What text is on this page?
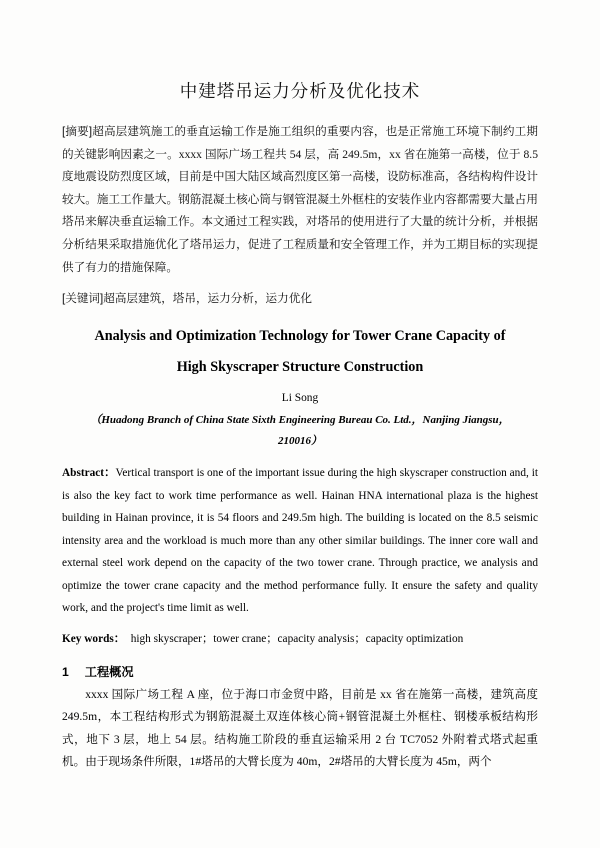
中建塔吊运力分析及优化技术

[摘要]超高层建筑施工的垂直运输工作是施工组织的重要内容，也是正常施工环境下制约工期的关键影响因素之一。xxxx 国际广场工程共 54 层，高 249.5m，xx 省在施第一高楼，位于 8.5 度地震设防烈度区域，目前是中国大陆区域高烈度区第一高楼，设防标准高，各结构构件设计较大。施工工作量大。钢筋混凝土核心筒与钢管混凝土外框柱的安装作业内容都需要大量占用塔吊来解决垂直运输工作。本文通过工程实践，对塔吊的使用进行了大量的统计分析，并根据分析结果采取措施优化了塔吊运力，促进了工程质量和安全管理工作，并为工期目标的实现提供了有力的措施保障。

[关键词]超高层建筑，塔吊，运力分析，运力优化

Analysis and Optimization Technology for Tower Crane Capacity of
High Skyscraper Structure Construction
Li Song
（Huadong Branch of China State Sixth Engineering Bureau Co. Ltd.，Nanjing Jiangsu，
210016）

Abstract：Vertical transport is one of the important issue during the high skyscraper construction and, it is also the key fact to work time performance as well. Hainan HNA international plaza is the highest building in Hainan province, it is 54 floors and 249.5m high. The building is located on the 8.5 seismic intensity area and the workload is much more than any other similar buildings. The inner core wall and external steel work depend on the capacity of the two tower crane. Through practice, we analysis and optimize the tower crane capacity and the method performance fully. It ensure the safety and quality work, and the project's time limit as well.

Key words： high skyscraper；tower crane；capacity analysis；capacity optimization

1 工程概况

xxxx 国际广场工程 A 座，位于海口市金贸中路，目前是 xx 省在施第一高楼，建筑高度 249.5m，本工程结构形式为钢筋混凝土双连体核心筒+钢管混凝土外框柱、钢楼承板结构形式，地下 3 层，地上 54 层。结构施工阶段的垂直运输采用 2 台 TC7052 外附着式塔式起重机。由于现场条件所限，1#塔吊的大臂长度为 40m，2#塔吊的大臂长度为 45m，两个
